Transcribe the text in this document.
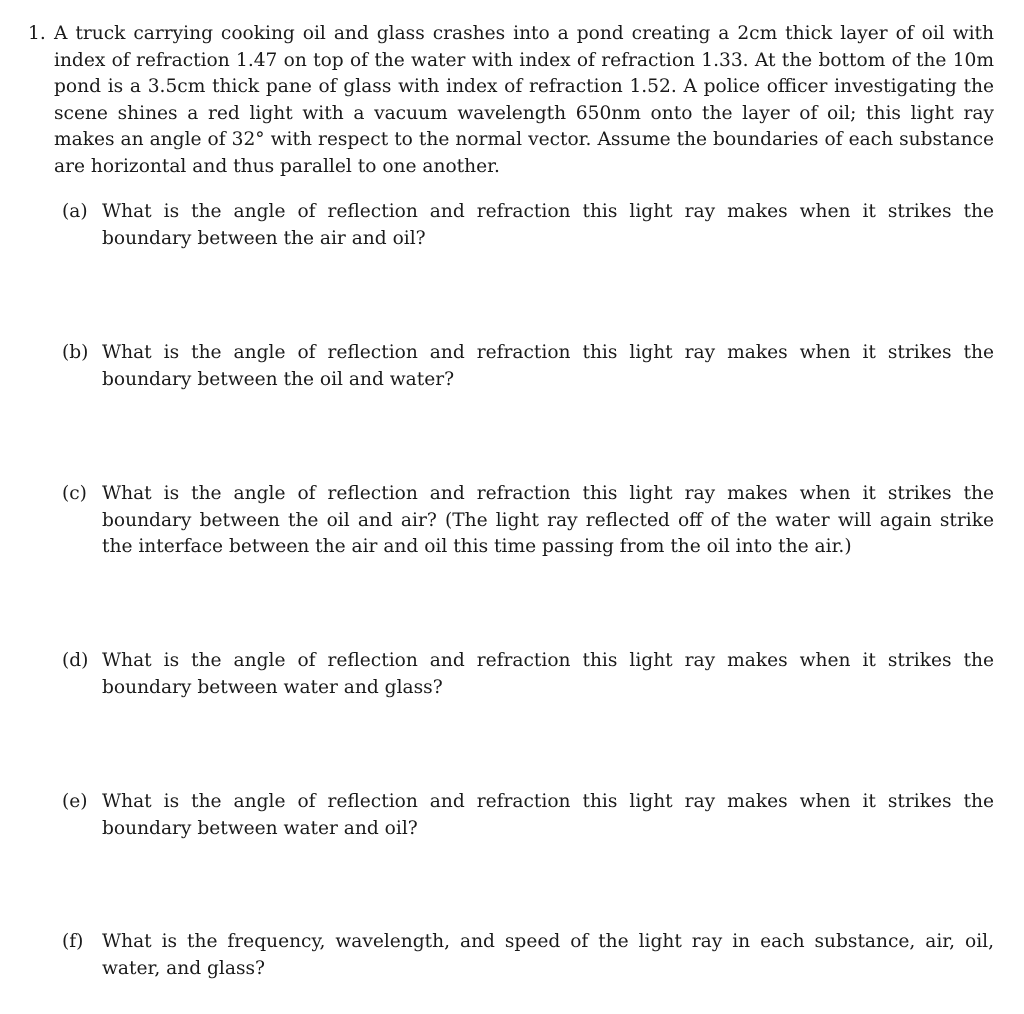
1. A truck carrying cooking oil and glass crashes into a pond creating a 2cm thick layer of oil with index of refraction 1.47 on top of the water with index of refraction 1.33. At the bottom of the 10m pond is a 3.5cm thick pane of glass with index of refraction 1.52. A police officer investigating the scene shines a red light with a vacuum wavelength 650nm onto the layer of oil; this light ray makes an angle of 32° with respect to the normal vector. Assume the boundaries of each substance are horizontal and thus parallel to one another.
(a) What is the angle of reflection and refraction this light ray makes when it strikes the boundary between the air and oil?
(b) What is the angle of reflection and refraction this light ray makes when it strikes the boundary between the oil and water?
(c) What is the angle of reflection and refraction this light ray makes when it strikes the boundary between the oil and air? (The light ray reflected off of the water will again strike the interface between the air and oil this time passing from the oil into the air.)
(d) What is the angle of reflection and refraction this light ray makes when it strikes the boundary between water and glass?
(e) What is the angle of reflection and refraction this light ray makes when it strikes the boundary between water and oil?
(f) What is the frequency, wavelength, and speed of the light ray in each substance, air, oil, water, and glass?
